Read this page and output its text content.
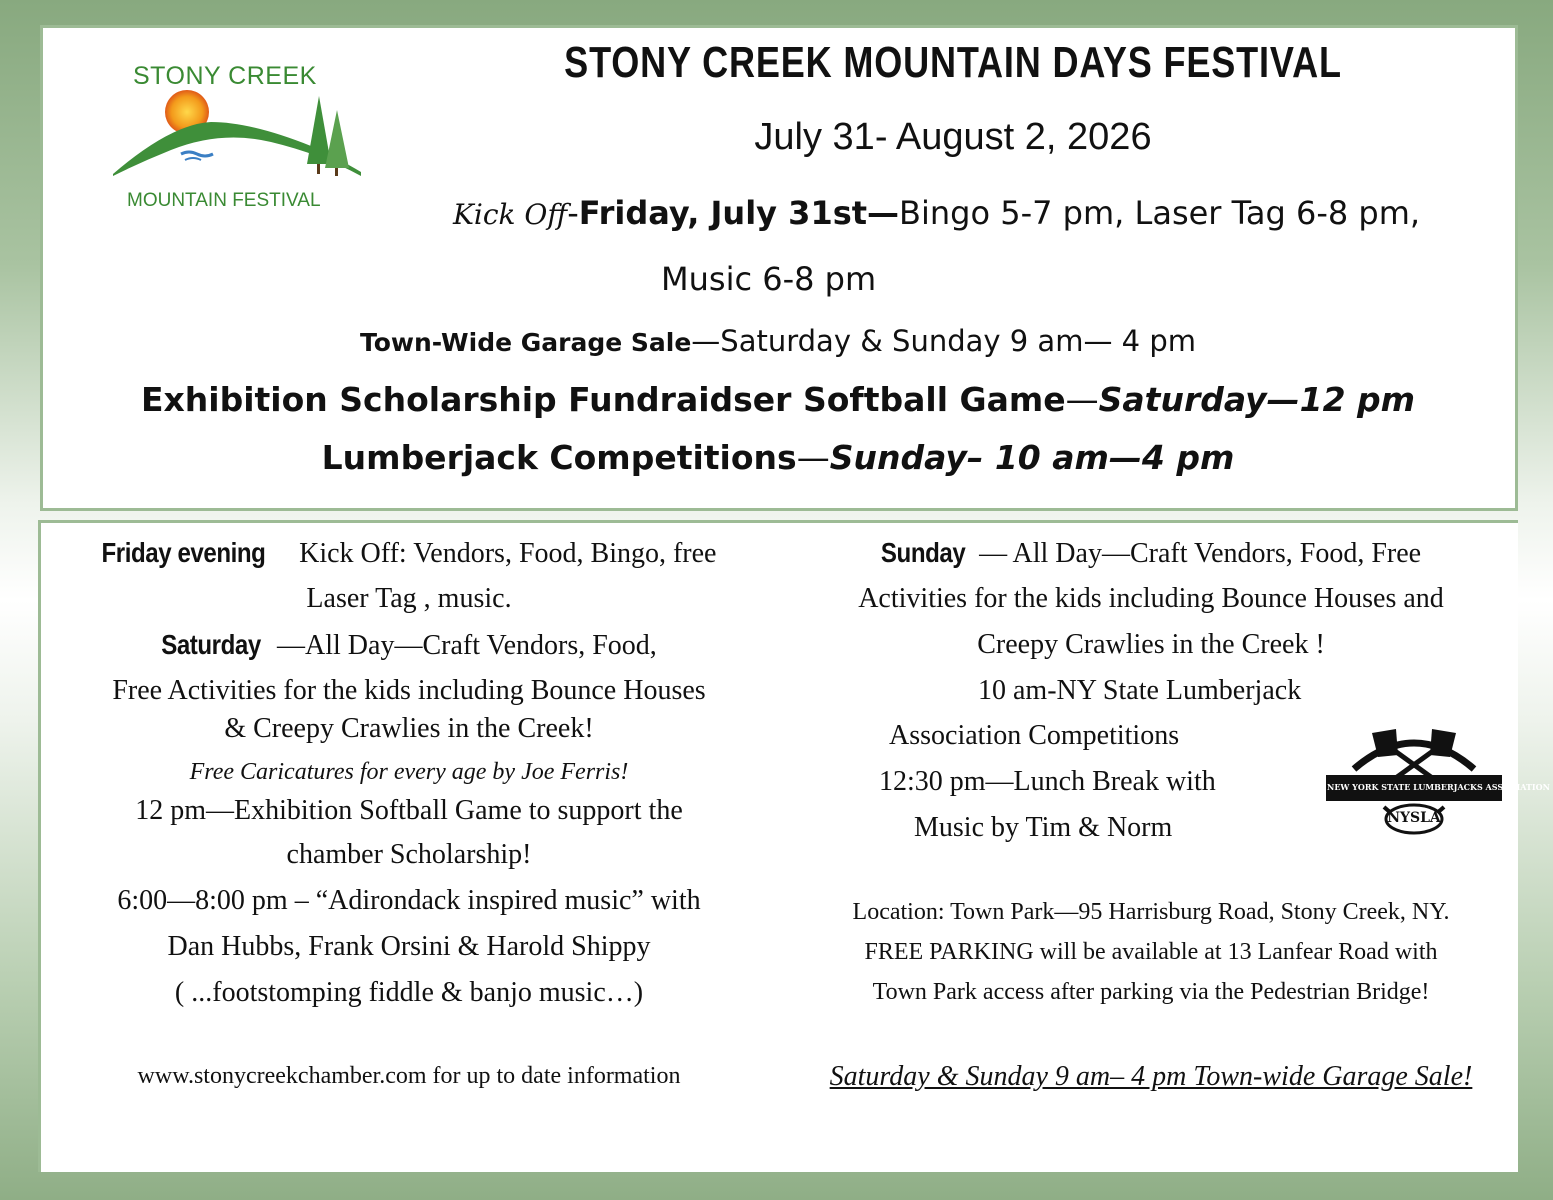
STONY CREEK
MOUNTAIN FESTIVAL
STONY CREEK MOUNTAIN DAYS FESTIVAL
July 31- August 2, 2026
Kick Off-Friday, July 31st—Bingo 5-7 pm, Laser Tag 6-8 pm,
Music 6-8 pm
Town-Wide Garage Sale—Saturday & Sunday 9 am— 4 pm
Exhibition Scholarship Fundraidser Softball Game—Saturday—12 pm
Lumberjack Competitions—Sunday– 10 am—4 pm
Friday evening Kick Off: Vendors, Food, Bingo, free
Laser Tag , music.
Saturday —All Day—Craft Vendors, Food,
Free Activities for the kids including Bounce Houses
& Creepy Crawlies in the Creek!
Free Caricatures for every age by Joe Ferris!
12 pm—Exhibition Softball Game to support the
chamber Scholarship!
6:00—8:00 pm – “Adirondack inspired music” with
Dan Hubbs, Frank Orsini & Harold Shippy
( ...footstomping fiddle & banjo music…)
www.stonycreekchamber.com for up to date information
Sunday — All Day—Craft Vendors, Food, Free
Activities for the kids including Bounce Houses and
Creepy Crawlies in the Creek !
10 am-NY State Lumberjack
Association Competitions
12:30 pm—Lunch Break with
Music by Tim & Norm
NEW YORK STATE LUMBERJACKS ASSOCIATION
NYSLA
Location: Town Park—95 Harrisburg Road, Stony Creek, NY.
FREE PARKING will be available at 13 Lanfear Road with
Town Park access after parking via the Pedestrian Bridge!
Saturday & Sunday 9 am– 4 pm Town-wide Garage Sale!
